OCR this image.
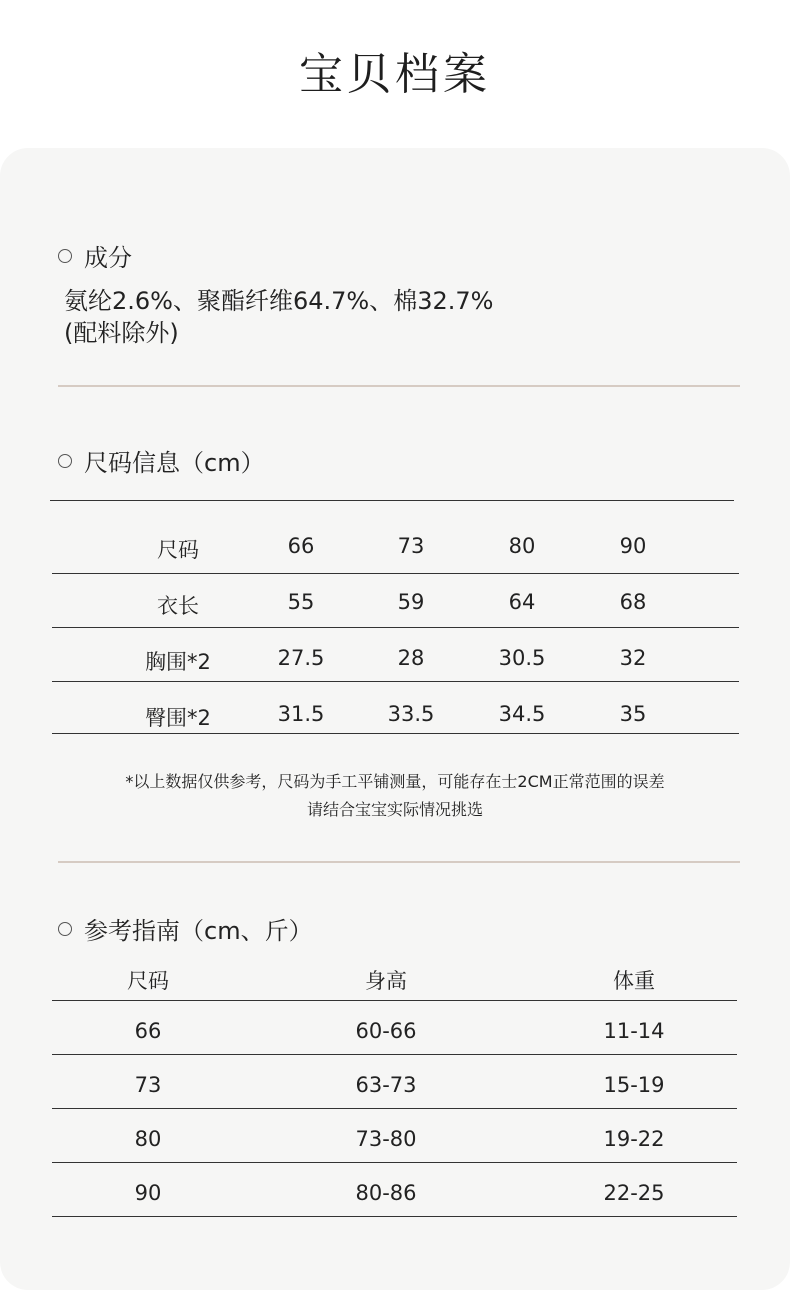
宝贝档案
成分
氨纶2.6%、聚酯纤维64.7%、棉32.7%
(配料除外)
尺码信息（cm）
尺码	66	73	80	90
衣长	55	59	64	68
胸围*2	27.5	28	30.5	32
臀围*2	31.5	33.5	34.5	35
*以上数据仅供参考，尺码为手工平铺测量，可能存在士2CM正常范围的误差
请结合宝宝实际情况挑选
参考指南（cm、斤）
尺码	身高	体重
66	60-66	11-14
73	63-73	15-19
80	73-80	19-22
90	80-86	22-25
